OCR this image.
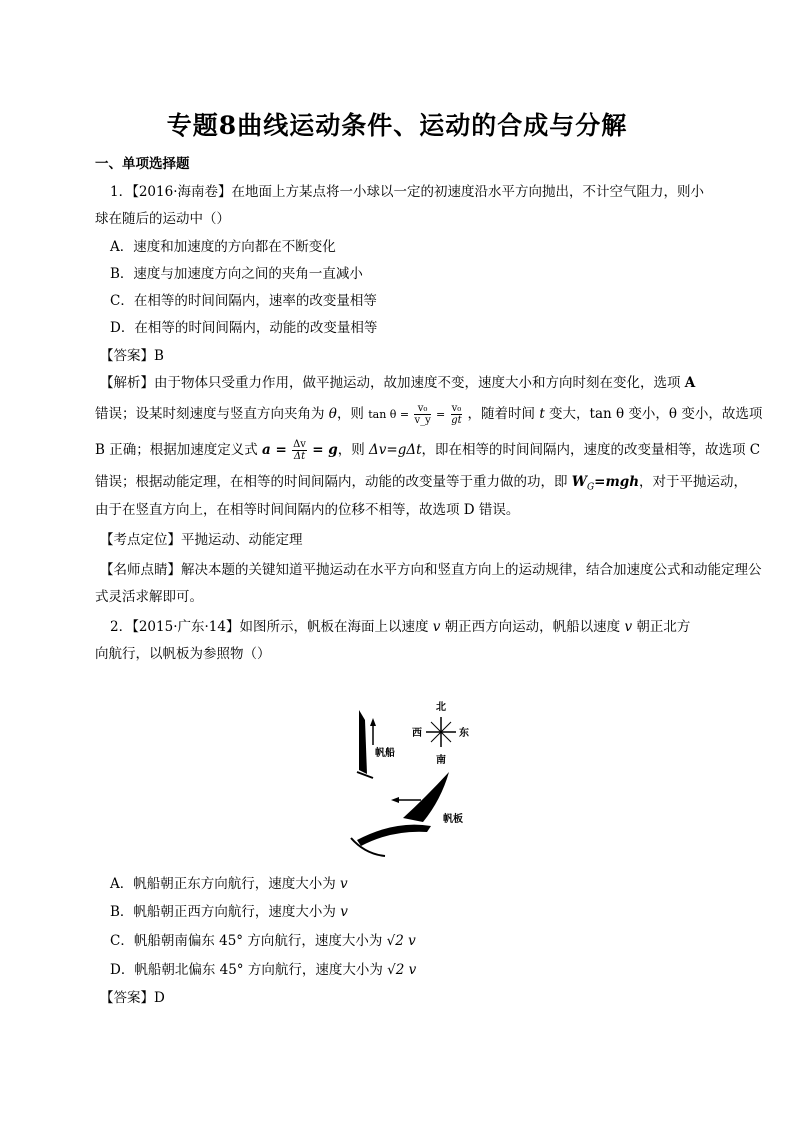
专题8曲线运动条件、运动的合成与分解
一、单项选择题
1．【2016·海南卷】在地面上方某点将一小球以一定的初速度沿水平方向抛出，不计空气阻力，则小
球在随后的运动中（）
A．速度和加速度的方向都在不断变化
B．速度与加速度方向之间的夹角一直减小
C．在相等的时间间隔内，速率的改变量相等
D．在相等的时间间隔内，动能的改变量相等
【答案】B
【解析】由于物体只受重力作用，做平抛运动，故加速度不变，速度大小和方向时刻在变化，选项 A
错误；设某时刻速度与竖直方向夹角为 θ，则 $\tan \theta = \frac{\text{v₀}}{v\_y} = \frac{\text{v₀}}{gt}$ ，随着时间 t 变大，tan θ 变小，θ 变小，故选项
B 正确；根据加速度定义式 $a = \frac{\Delta v}{\Delta t} = g$，则 Δv=gΔt，即在相等的时间间隔内，速度的改变量相等，故选项 C
错误；根据动能定理，在相等的时间间隔内，动能的改变量等于重力做的功，即 $W_G=mgh$，对于平抛运动，
由于在竖直方向上，在相等时间间隔内的位移不相等，故选项 D 错误。
【考点定位】平抛运动、动能定理
【名师点睛】解决本题的关键知道平抛运动在水平方向和竖直方向上的运动规律，结合加速度公式和动能定理公
式灵活求解即可。
2．【2015·广东·14】如图所示，帆板在海面上以速度 v 朝正西方向运动，帆船以速度 v 朝正北方
向航行，以帆板为参照物（）
帆船
北
南
西	东
帆板
A．帆船朝正东方向航行，速度大小为 v
B．帆船朝正西方向航行，速度大小为 v
C．帆船朝南偏东 45° 方向航行，速度大小为 √2 v
D．帆船朝北偏东 45° 方向航行，速度大小为 √2 v
【答案】D
